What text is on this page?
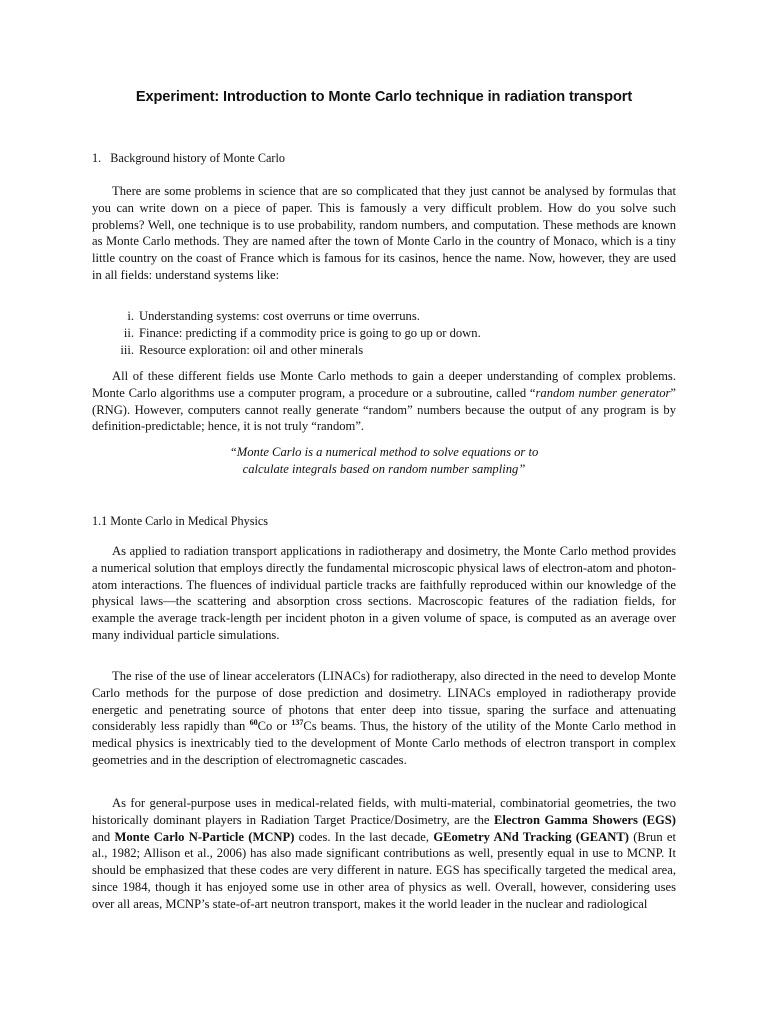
Experiment: Introduction to Monte Carlo technique in radiation transport
1. Background history of Monte Carlo

There are some problems in science that are so complicated that they just cannot be analysed by formulas that you can write down on a piece of paper. This is famously a very difficult problem. How do you solve such problems? Well, one technique is to use probability, random numbers, and computation. These methods are known as Monte Carlo methods. They are named after the town of Monte Carlo in the country of Monaco, which is a tiny little country on the coast of France which is famous for its casinos, hence the name. Now, however, they are used in all fields: understand systems like:

i. Understanding systems: cost overruns or time overruns.
ii. Finance: predicting if a commodity price is going to go up or down.
iii. Resource exploration: oil and other minerals

All of these different fields use Monte Carlo methods to gain a deeper understanding of complex problems. Monte Carlo algorithms use a computer program, a procedure or a subroutine, called “random number generator” (RNG). However, computers cannot really generate “random” numbers because the output of any program is by definition-predictable; hence, it is not truly “random”.

“Monte Carlo is a numerical method to solve equations or to
calculate integrals based on random number sampling”
1.1 Monte Carlo in Medical Physics

As applied to radiation transport applications in radiotherapy and dosimetry, the Monte Carlo method provides a numerical solution that employs directly the fundamental microscopic physical laws of electron-atom and photon-atom interactions. The fluences of individual particle tracks are faithfully reproduced within our knowledge of the physical laws—the scattering and absorption cross sections. Macroscopic features of the radiation fields, for example the average track-length per incident photon in a given volume of space, is computed as an average over many individual particle simulations.

The rise of the use of linear accelerators (LINACs) for radiotherapy, also directed in the need to develop Monte Carlo methods for the purpose of dose prediction and dosimetry. LINACs employed in radiotherapy provide energetic and penetrating source of photons that enter deep into tissue, sparing the surface and attenuating considerably less rapidly than $^{60}$Co or $^{137}$Cs beams. Thus, the history of the utility of the Monte Carlo method in medical physics is inextricably tied to the development of Monte Carlo methods of electron transport in complex geometries and in the description of electromagnetic cascades.

As for general-purpose uses in medical-related fields, with multi-material, combinatorial geometries, the two historically dominant players in Radiation Target Practice/Dosimetry, are the Electron Gamma Showers (EGS) and Monte Carlo N-Particle (MCNP) codes. In the last decade, GEometry ANd Tracking (GEANT) (Brun et al., 1982; Allison et al., 2006) has also made significant contributions as well, presently equal in use to MCNP. It should be emphasized that these codes are very different in nature. EGS has specifically targeted the medical area, since 1984, though it has enjoyed some use in other area of physics as well. Overall, however, considering uses over all areas, MCNP’s state-of-art neutron transport, makes it the world leader in the nuclear and radiological
